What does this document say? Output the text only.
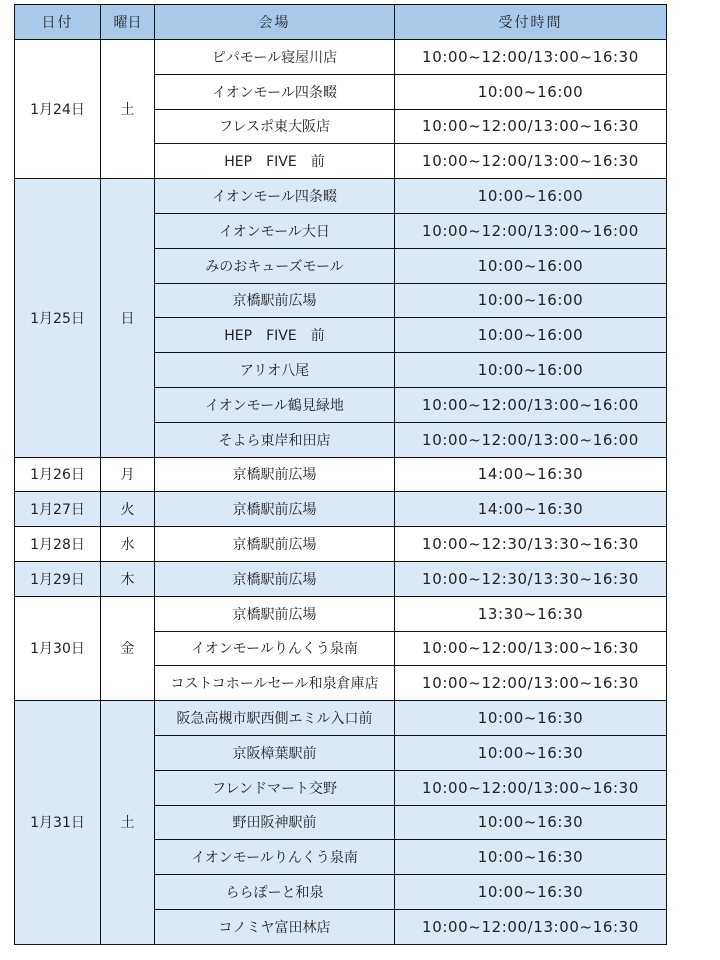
日付	曜日	会場	受付時間
1月24日	土	ピパモール寝屋川店	10:00~12:00/13:00~16:30
		イオンモール四条畷	10:00~16:00
		フレスポ東大阪店	10:00~12:00/13:00~16:30
		HEP　FIVE　前	10:00~12:00/13:00~16:30
1月25日	日	イオンモール四条畷	10:00~16:00
		イオンモール大日	10:00~12:00/13:00~16:00
		みのおキューズモール	10:00~16:00
		京橋駅前広場	10:00~16:00
		HEP　FIVE　前	10:00~16:00
		アリオ八尾	10:00~16:00
		イオンモール鶴見緑地	10:00~12:00/13:00~16:00
		そよら東岸和田店	10:00~12:00/13:00~16:00
1月26日	月	京橋駅前広場	14:00~16:30
1月27日	火	京橋駅前広場	14:00~16:30
1月28日	水	京橋駅前広場	10:00~12:30/13:30~16:30
1月29日	木	京橋駅前広場	10:00~12:30/13:30~16:30
1月30日	金	京橋駅前広場	13:30~16:30
		イオンモールりんくう泉南	10:00~12:00/13:00~16:30
		コストコホールセール和泉倉庫店	10:00~12:00/13:00~16:30
1月31日	土	阪急高槻市駅西側エミル入口前	10:00~16:30
		京阪樟葉駅前	10:00~16:30
		フレンドマート交野	10:00~12:00/13:00~16:30
		野田阪神駅前	10:00~16:30
		イオンモールりんくう泉南	10:00~16:30
		ららぽーと和泉	10:00~16:30
		コノミヤ富田林店	10:00~12:00/13:00~16:30
